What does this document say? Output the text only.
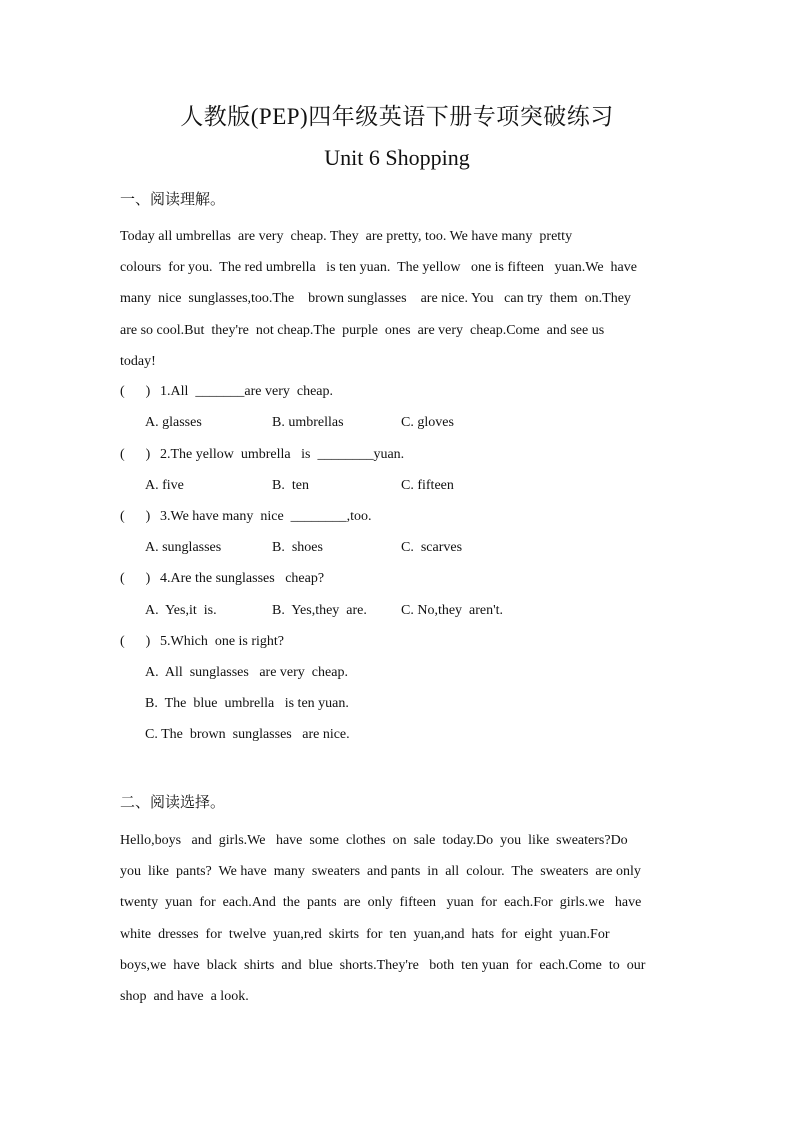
人教版(PEP)四年级英语下册专项突破练习
Unit 6 Shopping
一、阅读理解。
Today all umbrellas  are very  cheap. They  are pretty, too. We have many  pretty
colours  for you.  The red umbrella   is ten yuan.  The yellow   one is fifteen   yuan.We  have
many  nice  sunglasses,too.The    brown sunglasses    are nice. You   can try  them  on.They
are so cool.But  they're  not cheap.The  purple  ones  are very  cheap.Come  and see us
today!
(      ) 1.All  _______are very  cheap.

A. glasses

	B. umbrellas

	C. gloves

(      ) 2.The yellow  umbrella   is  ________yuan.

A. five

	B.  ten

	C. fifteen

(      ) 3.We have many  nice  ________,too.

A. sunglasses

	B.  shoes

	C.  scarves

(      ) 4.Are the sunglasses   cheap?

A.  Yes,it  is.

	B.  Yes,they  are.

C. No,they  aren't.

(      ) 5.Which  one is right?
A.  All  sunglasses   are very  cheap.
B.  The  blue  umbrella   is ten yuan.
C. The  brown  sunglasses   are nice.
二、阅读选择。
Hello,boys   and  girls.We   have  some  clothes  on  sale  today.Do  you  like  sweaters?Do
you  like  pants?  We have  many  sweaters  and pants  in  all  colour.  The  sweaters  are only
twenty  yuan  for  each.And  the  pants  are  only  fifteen   yuan  for  each.For  girls.we   have
white  dresses  for  twelve  yuan,red  skirts  for  ten  yuan,and  hats  for  eight  yuan.For
boys,we  have  black  shirts  and  blue  shorts.They're   both  ten yuan  for  each.Come  to  our
shop  and have  a look.
